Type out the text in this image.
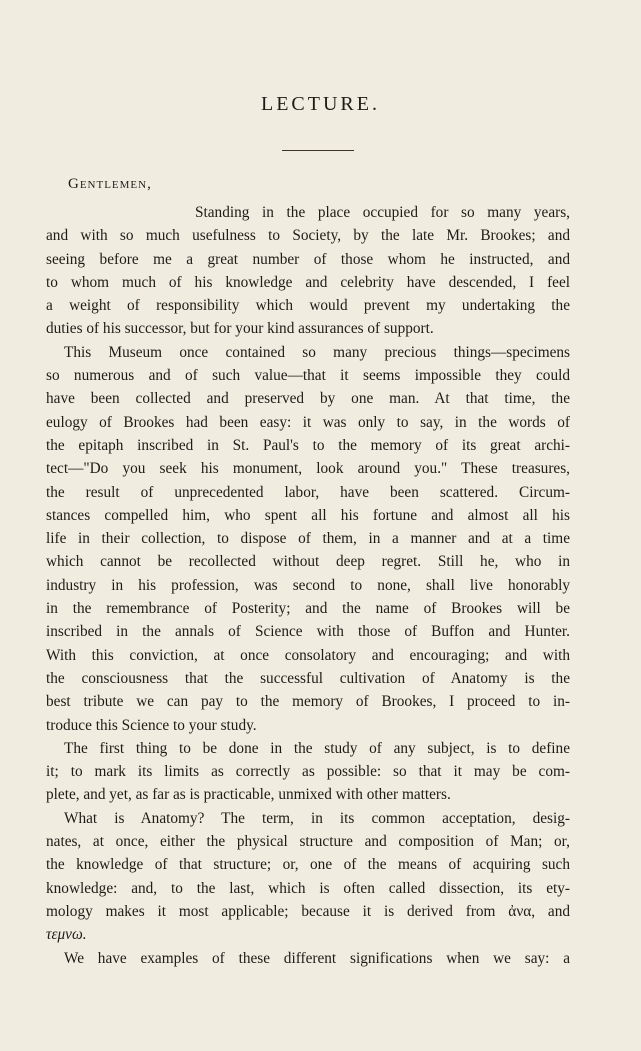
LECTURE.
Gentlemen,
Standing in the place occupied for so many years,
and with so much usefulness to Society, by the late Mr. Brookes; and
seeing before me a great number of those whom he instructed, and
to whom much of his knowledge and celebrity have descended, I feel
a weight of responsibility which would prevent my undertaking the
duties of his successor, but for your kind assurances of support.
This Museum once contained so many precious things—specimens
so numerous and of such value—that it seems impossible they could
have been collected and preserved by one man. At that time, the
eulogy of Brookes had been easy: it was only to say, in the words of
the epitaph inscribed in St. Paul's to the memory of its great archi-
tect—"Do you seek his monument, look around you." These treasures,
the result of unprecedented labor, have been scattered. Circum-
stances compelled him, who spent all his fortune and almost all his
life in their collection, to dispose of them, in a manner and at a time
which cannot be recollected without deep regret. Still he, who in
industry in his profession, was second to none, shall live honorably
in the remembrance of Posterity; and the name of Brookes will be
inscribed in the annals of Science with those of Buffon and Hunter.
With this conviction, at once consolatory and encouraging; and with
the consciousness that the successful cultivation of Anatomy is the
best tribute we can pay to the memory of Brookes, I proceed to in-
troduce this Science to your study.
The first thing to be done in the study of any subject, is to define
it; to mark its limits as correctly as possible: so that it may be com-
plete, and yet, as far as is practicable, unmixed with other matters.
What is Anatomy? The term, in its common acceptation, desig-
nates, at once, either the physical structure and composition of Man; or,
the knowledge of that structure; or, one of the means of acquiring such
knowledge: and, to the last, which is often called dissection, its ety-
mology makes it most applicable; because it is derived from ἀνα, and
τεμνω.
We have examples of these different significations when we say: a
